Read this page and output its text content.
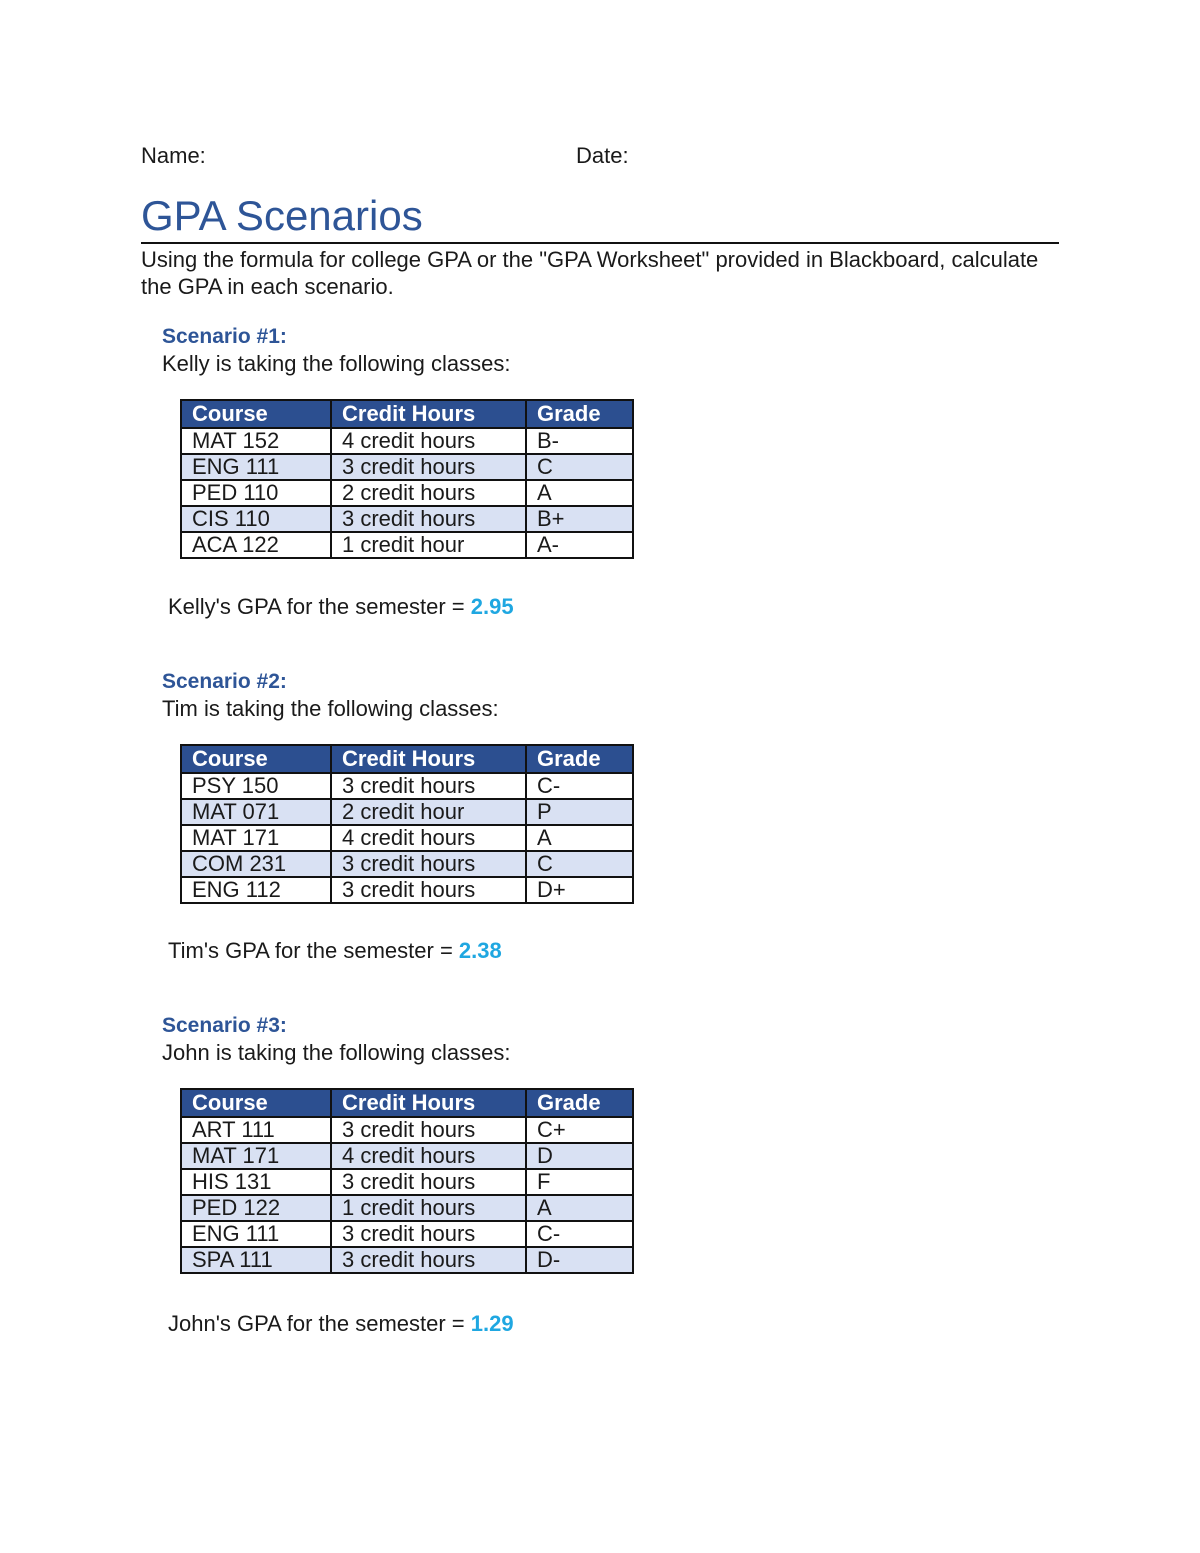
Name:	Date:
GPA Scenarios
Using the formula for college GPA or the "GPA Worksheet" provided in Blackboard, calculate the GPA in each scenario.
Scenario #1:
Kelly is taking the following classes:
Course	Credit Hours	Grade
MAT 152	4 credit hours	B-
ENG 111	3 credit hours	C
PED 110	2 credit hours	A
CIS 110	3 credit hours	B+
ACA 122	1 credit hour	A-
Kelly's GPA for the semester = 2.95
Scenario #2:
Tim is taking the following classes:
Course	Credit Hours	Grade
PSY 150	3 credit hours	C-
MAT 071	2 credit hour	P
MAT 171	4 credit hours	A
COM 231	3 credit hours	C
ENG 112	3 credit hours	D+
Tim's GPA for the semester = 2.38
Scenario #3:
John is taking the following classes:
Course	Credit Hours	Grade
ART 111	3 credit hours	C+
MAT 171	4 credit hours	D
HIS 131	3 credit hours	F
PED 122	1 credit hours	A
ENG 111	3 credit hours	C-
SPA 111	3 credit hours	D-
John's GPA for the semester = 1.29
